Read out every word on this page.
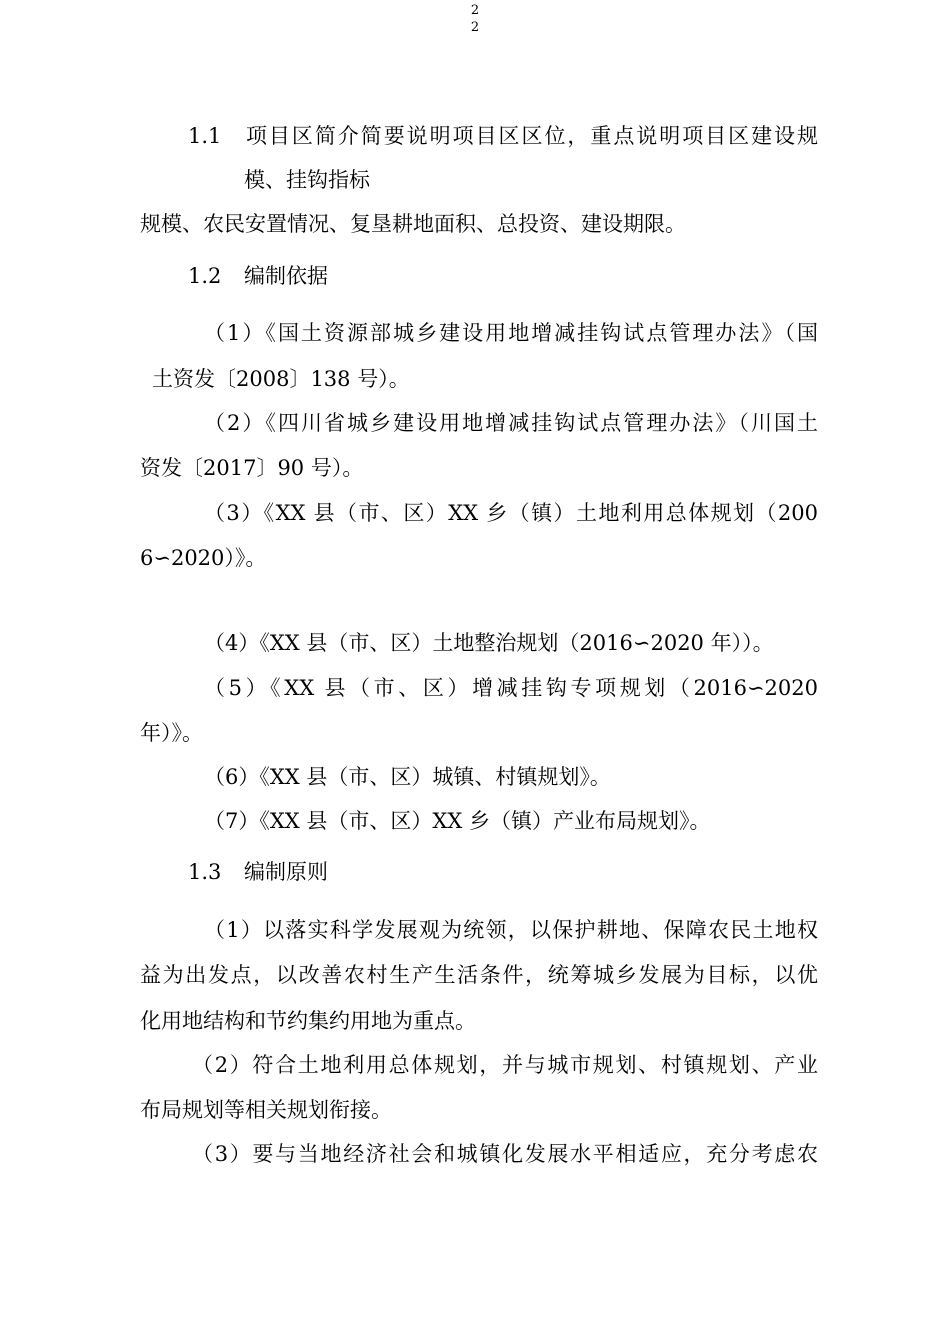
2
2
1.1 项目区简介简要说明项目区区位，重点说明项目区建设规
模、挂钩指标
规模、农民安置情况、复垦耕地面积、总投资、建设期限。
1.2 编制依据
（1）《国土资源部城乡建设用地增减挂钩试点管理办法》（国
土资发〔2008〕138 号）。
（2）《四川省城乡建设用地增减挂钩试点管理办法》（川国土
资发〔2017〕90 号）。
（3）《XX 县（市、区）XX 乡（镇）土地利用总体规划（200
6∽2020）》。
（4）《XX 县（市、区）土地整治规划（2016∽2020 年））。
（5）《XX 县（市、区）增减挂钩专项规划（2016∽2020
年）》。
（6）《XX 县（市、区）城镇、村镇规划》。
（7）《XX 县（市、区）XX 乡（镇）产业布局规划》。
1.3 编制原则
（1）以落实科学发展观为统领，以保护耕地、保障农民土地权
益为出发点，以改善农村生产生活条件，统筹城乡发展为目标，以优
化用地结构和节约集约用地为重点。
（2）符合土地利用总体规划，并与城市规划、村镇规划、产业
布局规划等相关规划衔接。
（3）要与当地经济社会和城镇化发展水平相适应，充分考虑农
